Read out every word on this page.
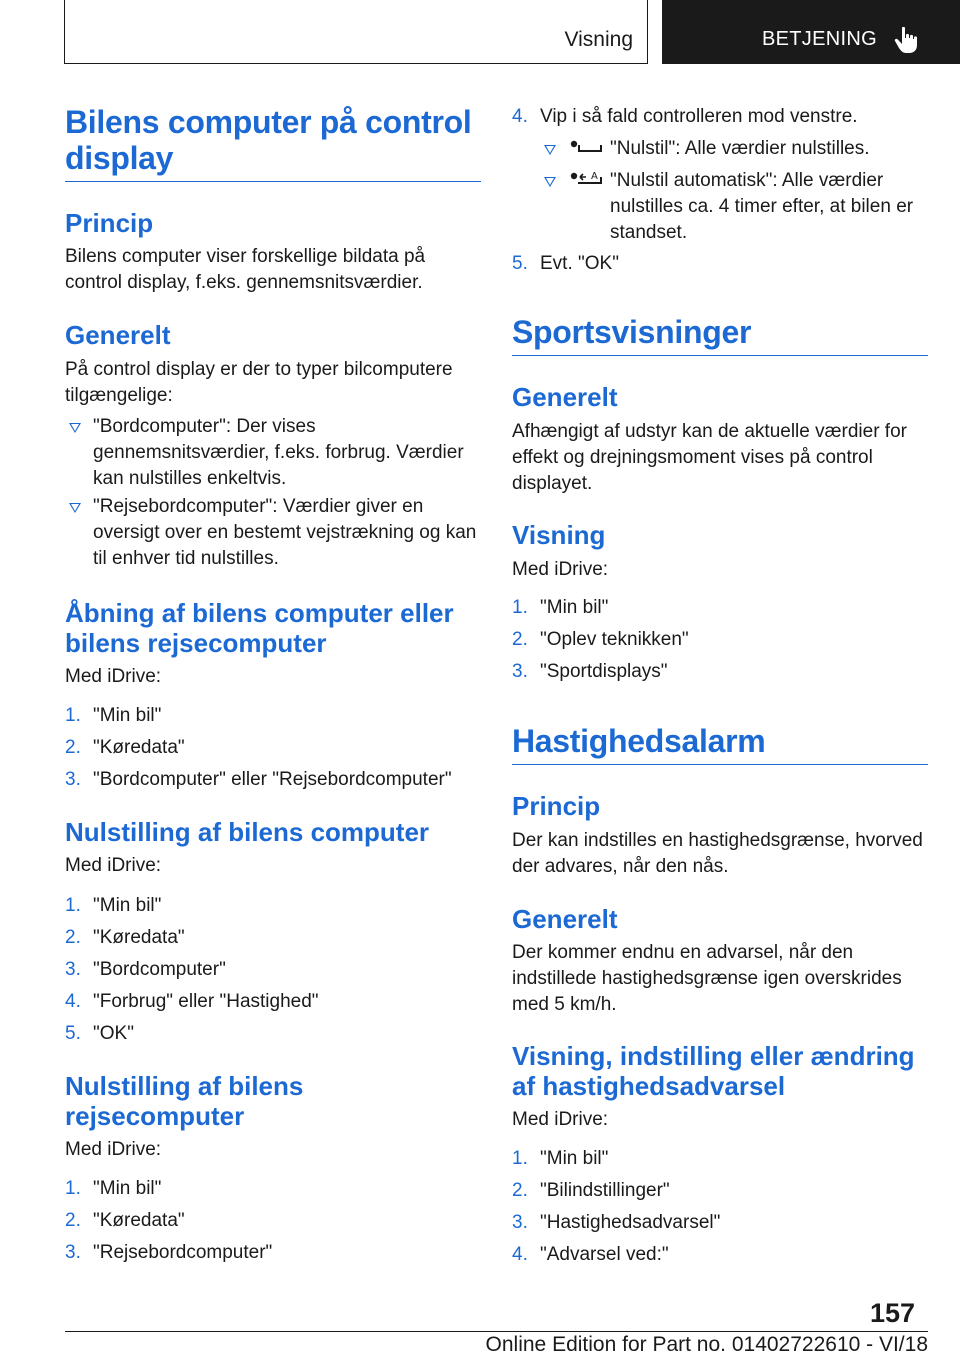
Visning	BETJENING
Bilens computer på control display
Princip
Bilens computer viser forskellige bildata på control display, f.eks. gennemsnitsværdier.
Generelt
På control display er der to typer bilcomputere tilgængelige:
"Bordcomputer": Der vises gennemsnitsværdier, f.eks. forbrug. Værdier kan nulstilles enkeltvis.
"Rejsebordcomputer": Værdier giver en oversigt over en bestemt vejstrækning og kan til enhver tid nulstilles.
Åbning af bilens computer eller bilens rejsecomputer
Med iDrive:
1. "Min bil"
2. "Køredata"
3. "Bordcomputer" eller "Rejsebordcomputer"
Nulstilling af bilens computer
Med iDrive:
1. "Min bil"
2. "Køredata"
3. "Bordcomputer"
4. "Forbrug" eller "Hastighed"
5. "OK"
Nulstilling af bilens rejsecomputer
Med iDrive:
1. "Min bil"
2. "Køredata"
3. "Rejsebordcomputer"
4. Vip i så fald controlleren mod venstre.
"Nulstil": Alle værdier nulstilles.
A "Nulstil automatisk": Alle værdier nulstilles ca. 4 timer efter, at bilen er standset.
5. Evt. "OK"
Sportsvisninger
Generelt
Afhængigt af udstyr kan de aktuelle værdier for effekt og drejningsmoment vises på control displayet.
Visning
Med iDrive:
1. "Min bil"
2. "Oplev teknikken"
3. "Sportdisplays"
Hastighedsalarm
Princip
Der kan indstilles en hastighedsgrænse, hvorved der advares, når den nås.
Generelt
Der kommer endnu en advarsel, når den indstillede hastighedsgrænse igen overskrides med 5 km/h.
Visning, indstilling eller ændring af hastighedsadvarsel
Med iDrive:
1. "Min bil"
2. "Bilindstillinger"
3. "Hastighedsadvarsel"
4. "Advarsel ved:"
157
Online Edition for Part no. 01402722610 - VI/18
